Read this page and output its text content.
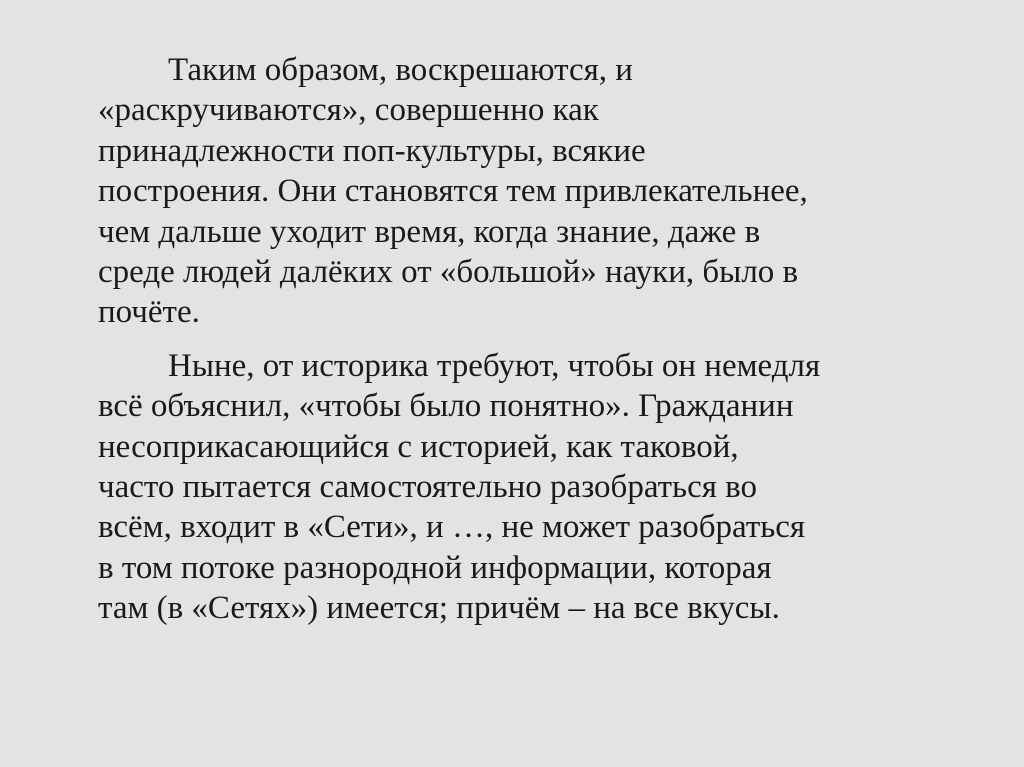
Таким образом, воскрешаются, и
«раскручиваются», совершенно как
принадлежности поп-культуры, всякие
построения. Они становятся тем привлекательнее,
чем дальше уходит время, когда знание, даже в
среде людей далёких от «большой» науки, было в
почёте.

Ныне, от историка требуют, чтобы он немедля
всё объяснил, «чтобы было понятно». Гражданин
несоприкасающийся с историей, как таковой,
часто пытается самостоятельно разобраться во
всём, входит в «Сети», и …, не может разобраться
в том потоке разнородной информации, которая
там (в «Сетях») имеется; причём – на все вкусы.
